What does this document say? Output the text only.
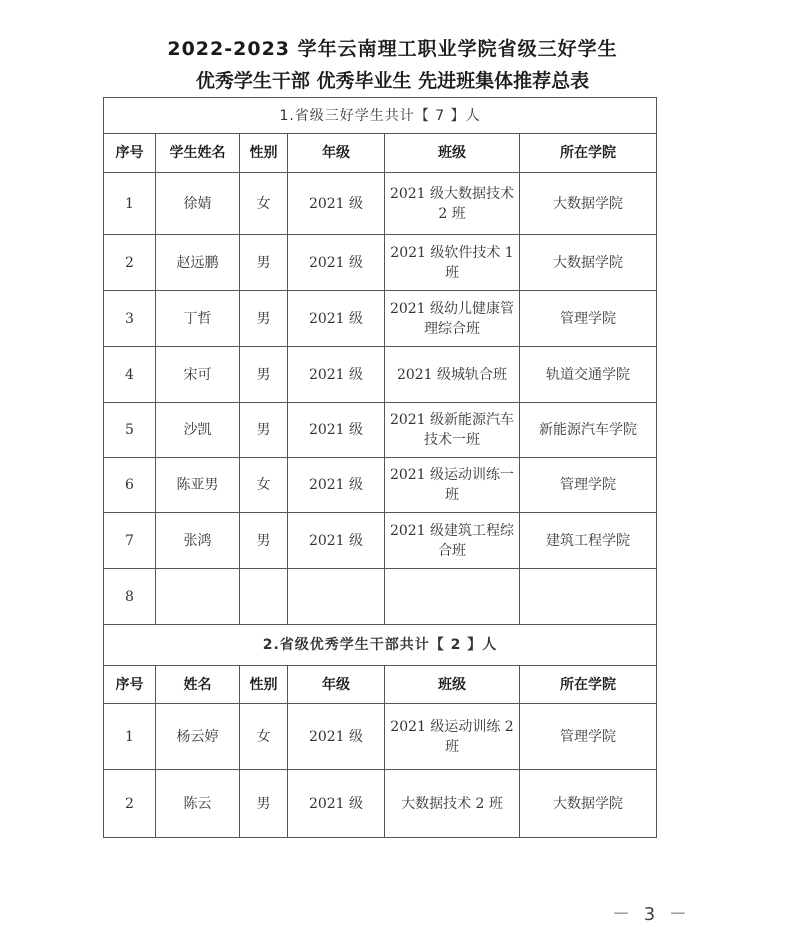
2022-2023 学年云南理工职业学院省级三好学生
优秀学生干部 优秀毕业生 先进班集体推荐总表
1.省级三好学生共计【 7 】人					
序号	学生姓名	性别	年级	班级	所在学院
1	徐婧	女	2021 级	2021 级大数据技术 2 班	大数据学院
2	赵远鹏	男	2021 级	2021 级软件技术 1 班	大数据学院
3	丁哲	男	2021 级	2021 级幼儿健康管理综合班	管理学院
4	宋可	男	2021 级	2021 级城轨合班	轨道交通学院
5	沙凯	男	2021 级	2021 级新能源汽车技术一班	新能源汽车学院
6	陈亚男	女	2021 级	2021 级运动训练一班	管理学院
7	张鸿	男	2021 级	2021 级建筑工程综合班	建筑工程学院
8					
2.省级优秀学生干部共计【 2 】人					
序号	姓名	性别	年级	班级	所在学院
1	杨云婷	女	2021 级	2021 级运动训练 2 班	管理学院
2	陈云	男	2021 级	大数据技术 2 班	大数据学院
－ 3 －
